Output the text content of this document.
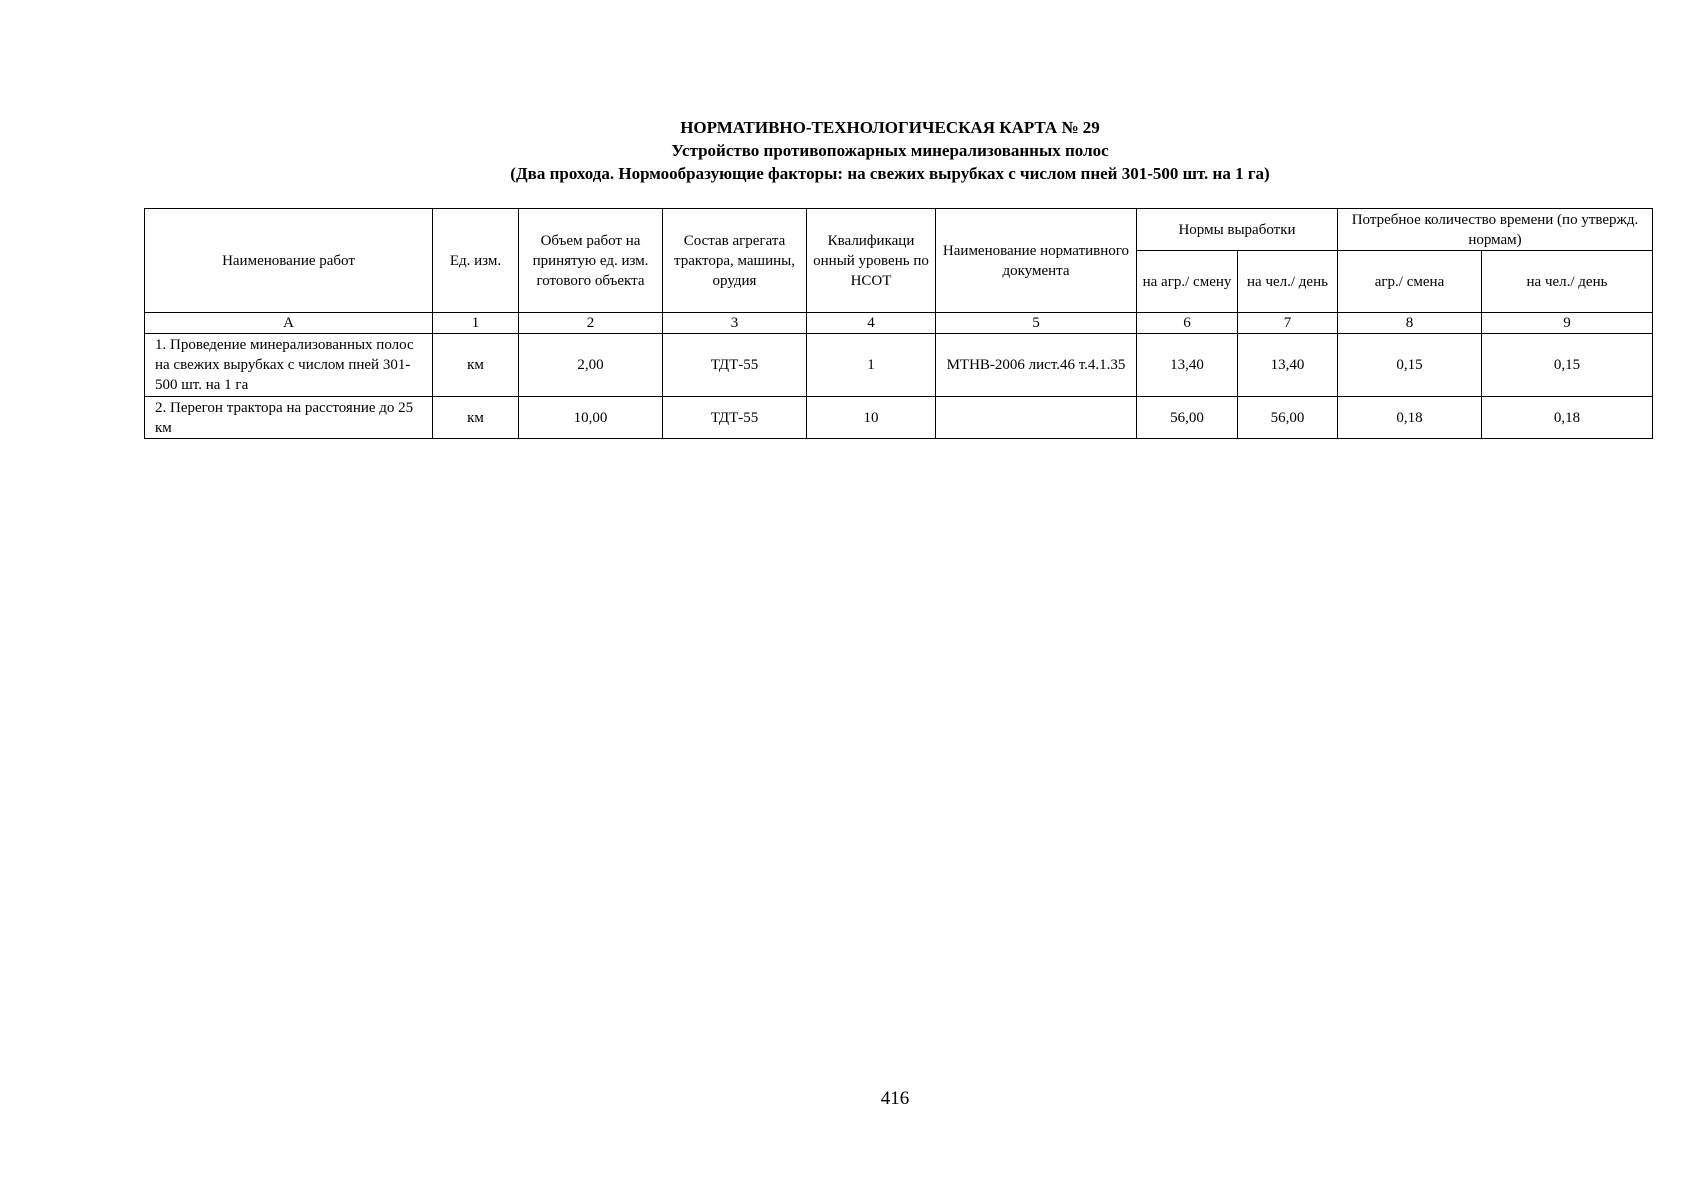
НОРМАТИВНО-ТЕХНОЛОГИЧЕСКАЯ КАРТА № 29
Устройство противопожарных минерализованных полос
(Два прохода. Нормообразующие факторы: на свежих вырубках с числом пней 301-500 шт. на 1 га)
Наименование работ	Ед. изм.	Объем работ на принятую ед. изм. готового объекта	Состав агрегата трактора, машины, орудия	Квалификаци онный уровень по НСОТ	Наименование нормативного документа	Нормы выработки		Потребное количество времени (по утвержд. нормам)	
						на агр./ смену	на чел./ день	агр./ смена	на чел./ день
А	1	2	3	4	5	6	7	8	9
1. Проведение минерализованных полос на свежих вырубках с числом пней 301-500 шт. на 1 га	км	2,00	ТДТ-55	1	МТНВ-2006 лист.46 т.4.1.35	13,40	13,40	0,15	0,15
2. Перегон трактора на расстояние до 25 км	км	10,00	ТДТ-55	10		56,00	56,00	0,18	0,18
416
